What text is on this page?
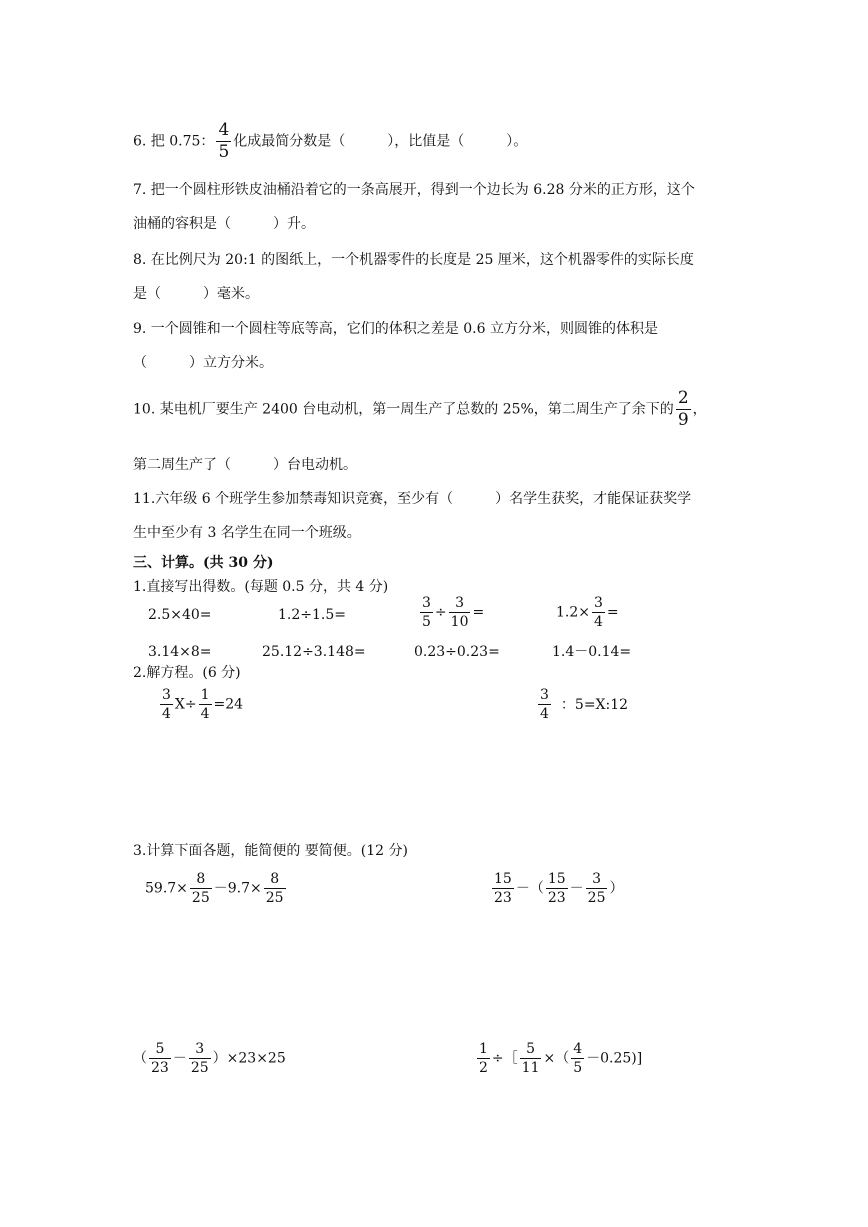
6. 把 0.75： $\frac{4}{5}$ 化成最简分数是（　　　），比值是（　　　）。
7. 把一个圆柱形铁皮油桶沿着它的一条高展开，得到一个边长为 6.28 分米的正方形，这个
油桶的容积是（　　　）升。
8. 在比例尺为 20:1 的图纸上，一个机器零件的长度是 25 厘米，这个机器零件的实际长度
是（　　　）毫米。
9. 一个圆锥和一个圆柱等底等高，它们的体积之差是 0.6 立方分米，则圆锥的体积是
（　　　）立方分米。
10. 某电机厂要生产 2400 台电动机，第一周生产了总数的 25%，第二周生产了余下的 $\frac{2}{9}$ ，
第二周生产了（　　　）台电动机。
11.六年级 6 个班学生参加禁毒知识竞赛，至少有（　　　）名学生获奖，才能保证获奖学
生中至少有 3 名学生在同一个班级。
三、计算。(共 30 分)
1.直接写出得数。(每题 0.5 分，共 4 分)
2.5×40=	1.2÷1.5=	$\frac{3}{5} \div \frac{3}{10}$ =	$1.2\times \frac{3}{4}$ =
3.14×8=	25.12÷3.148=	0.23÷0.23=	1.4－0.14=
2.解方程。(6 分)
$\frac{3}{4} X\div \frac{1}{4} =24$	$\frac{3}{4}$ ：5=X:12
3.计算下面各题，能简便的 要简便。(12 分)
$59.7\times \frac{8}{25} -9.7\times \frac{8}{25}$	$\frac{15}{23}$ －（ $\frac{15}{23} - \frac{3}{25}$ ）
（ $\frac{5}{23} - \frac{3}{25} )\times 23\times 25$	$\frac{1}{2}$ ÷［ $\frac{5}{11}$ ×（ $\frac{4}{5} -0.25$)]
